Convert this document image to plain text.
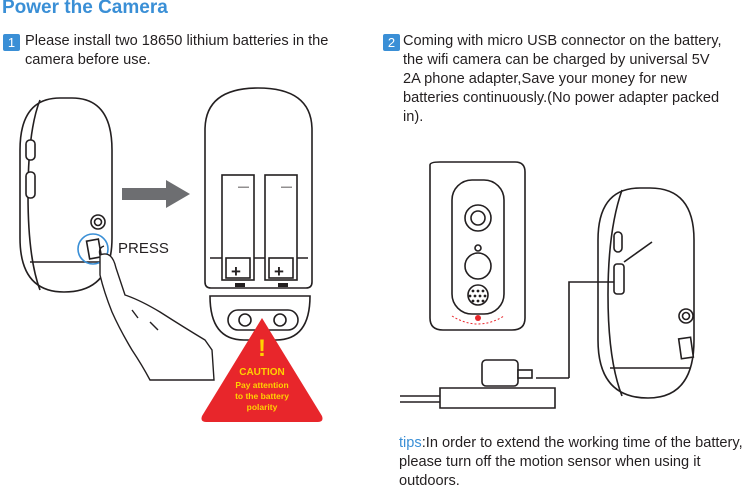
Power the Camera
1 Please install two 18650 lithium batteries in the camera before use.
2 Coming with micro USB connector on the battery, the wifi camera can be charged by universal 5V 2A phone adapter,Save your money for new batteries continuously.(No power adapter packed in).
—	—
+ +
!
CAUTION
Pay attention
to the battery
polarity
PRESS
tips:In order to extend the working time of the battery, please turn off the motion sensor when using it outdoors.
